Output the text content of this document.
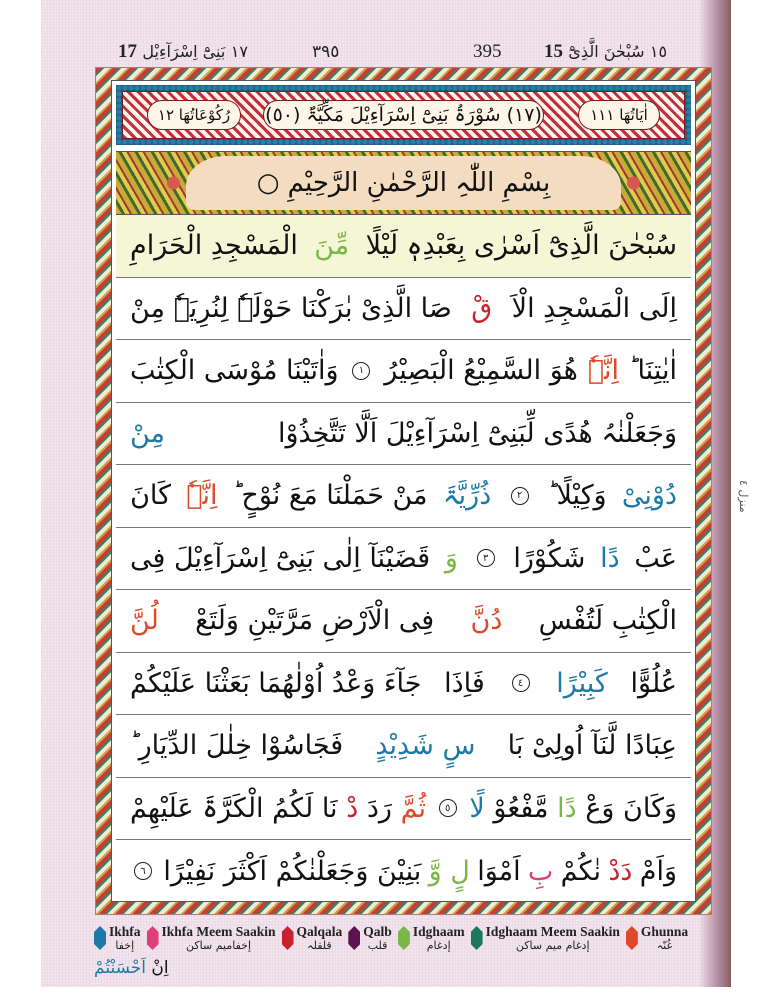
١٧ بَنِیْٓ اِسْرَآءِیْل 17	٣٩٥	395	١٥ سُبْحٰنَ الَّذِیْٓ 15
منزل ٤
رُکُوْعَاتُھَا ١٢	(١٧) سُوْرَۃُ بَنِیْٓ اِسْرَآءِیْلَ مَکِّیَّۃٌ (٥٠)	اٰیَاتُھَا ١١١
بِسْمِ اللّٰہِ الرَّحْمٰنِ الرَّحِیْمِ ○
سُبْحٰنَ الَّذِیْٓ اَسْرٰی بِعَبْدِہٖ لَیْلًا
مِّنَ
الْمَسْجِدِ الْحَرَامِ
اِلَی الْمَسْجِدِ الْاَ
قْ
صَا الَّذِیْ بٰرَکْنَا حَوْلَہٗ لِنُرِیَہٗ مِنْ
اٰیٰتِنَا ؕ
اِنَّہٗ
ھُوَ السَّمِیْعُ الْبَصِیْرُ
١
وَاٰتَیْنَا مُوْسَی الْکِتٰبَ
وَجَعَلْنٰہُ ھُدًی لِّبَنِیْٓ اِسْرَآءِیْلَ اَلَّا تَتَّخِذُوْا
مِنْ
دُوْنِیْ
وَکِیْلًا ؕ
٢
ذُرِّیَّۃَ
مَنْ حَمَلْنَا مَعَ نُوْحٍ ؕ
اِنَّہٗ
کَانَ
عَبْ
دًا
شَکُوْرًا
٣
وَ
قَضَیْنَآ اِلٰی بَنِیْٓ اِسْرَآءِیْلَ فِی
الْکِتٰبِ لَتُفْسِ
دُنَّ
فِی الْاَرْضِ مَرَّتَیْنِ وَلَتَعْ
لُنَّ
عُلُوًّا
کَبِیْرًا
٤
فَاِذَا
جَآءَ وَعْدُ اُوْلٰھُمَا بَعَثْنَا عَلَیْکُمْ
عِبَادًا لَّنَآ اُولِیْ بَا
سٍ شَدِیْدٍ
فَجَاسُوْا خِلٰلَ الدِّیَارِ ؕ
وَکَانَ وَعْ
دًا
مَّفْعُوْ
لًا
٥
ثُمَّ
رَدَ
دْ
نَا لَکُمُ الْکَرَّۃَ عَلَیْھِمْ
وَاَمْ
دَدْ
نٰکُمْ
بِ
اَمْوَا
لٍ وَّ
بَنِیْنَ وَجَعَلْنٰکُمْ اَکْثَرَ نَفِیْرًا
٦
Ikhfa
إخفا
Ikhfa Meem Saakin
إخفاميم ساكن
Qalqala
قلقلہ
Qalb
قلب
Idghaam
إدغام
Idghaam Meem Saakin
إدغام ميم ساكن
Ghunna
غُنّہ
اِنْ اَحْسَنْتُمْ
